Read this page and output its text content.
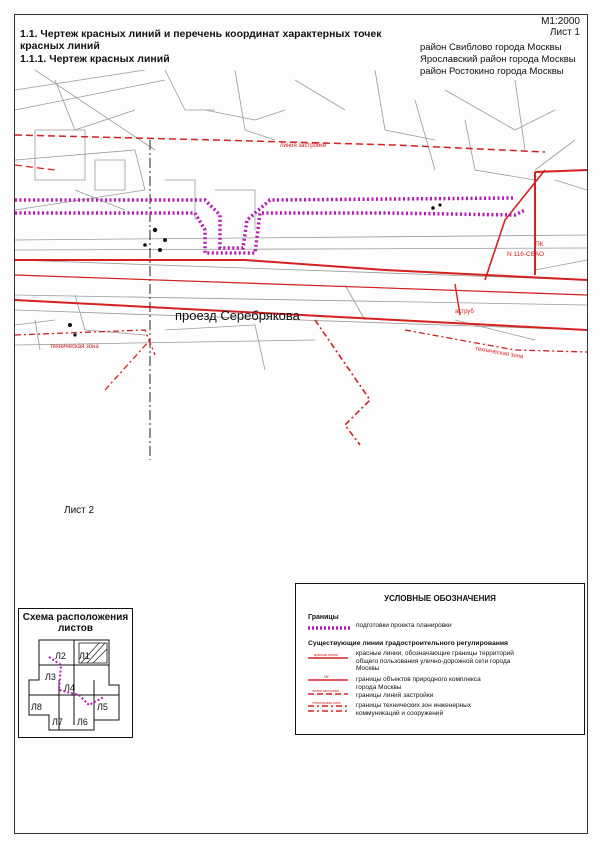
1.1. Чертеж красных линий и перечень координат характерных точек
красных линий
1.1.1. Чертеж красных линий
M1:2000
Лист 1
район Свиблово города Москвы
Ярославский район города Москвы
район Ростокино города Москвы
проезд Серебрякова
линия застройки
ПК
N 116-СВАО
аструб
техническая зона
техническая зона
Лист 2
Схема расположения
листов
Л1
Л2
Л3
Л4
Л5
Л6
Л7
Л8
УСЛОВНЫЕ ОБОЗНАЧЕНИЯ
Границы
подготовки проекта планировки
Существующие линии градостроительного регулирования
красная линия
ПК
линия застройки
техническая зона
красные линии, обозначающие границы территорий
общего пользования улично-дорожной сети города
Москвы
границы объектов природного комплекса
города Москвы
границы линий застройки
границы технических зон инженерных
коммуникаций и сооружений
